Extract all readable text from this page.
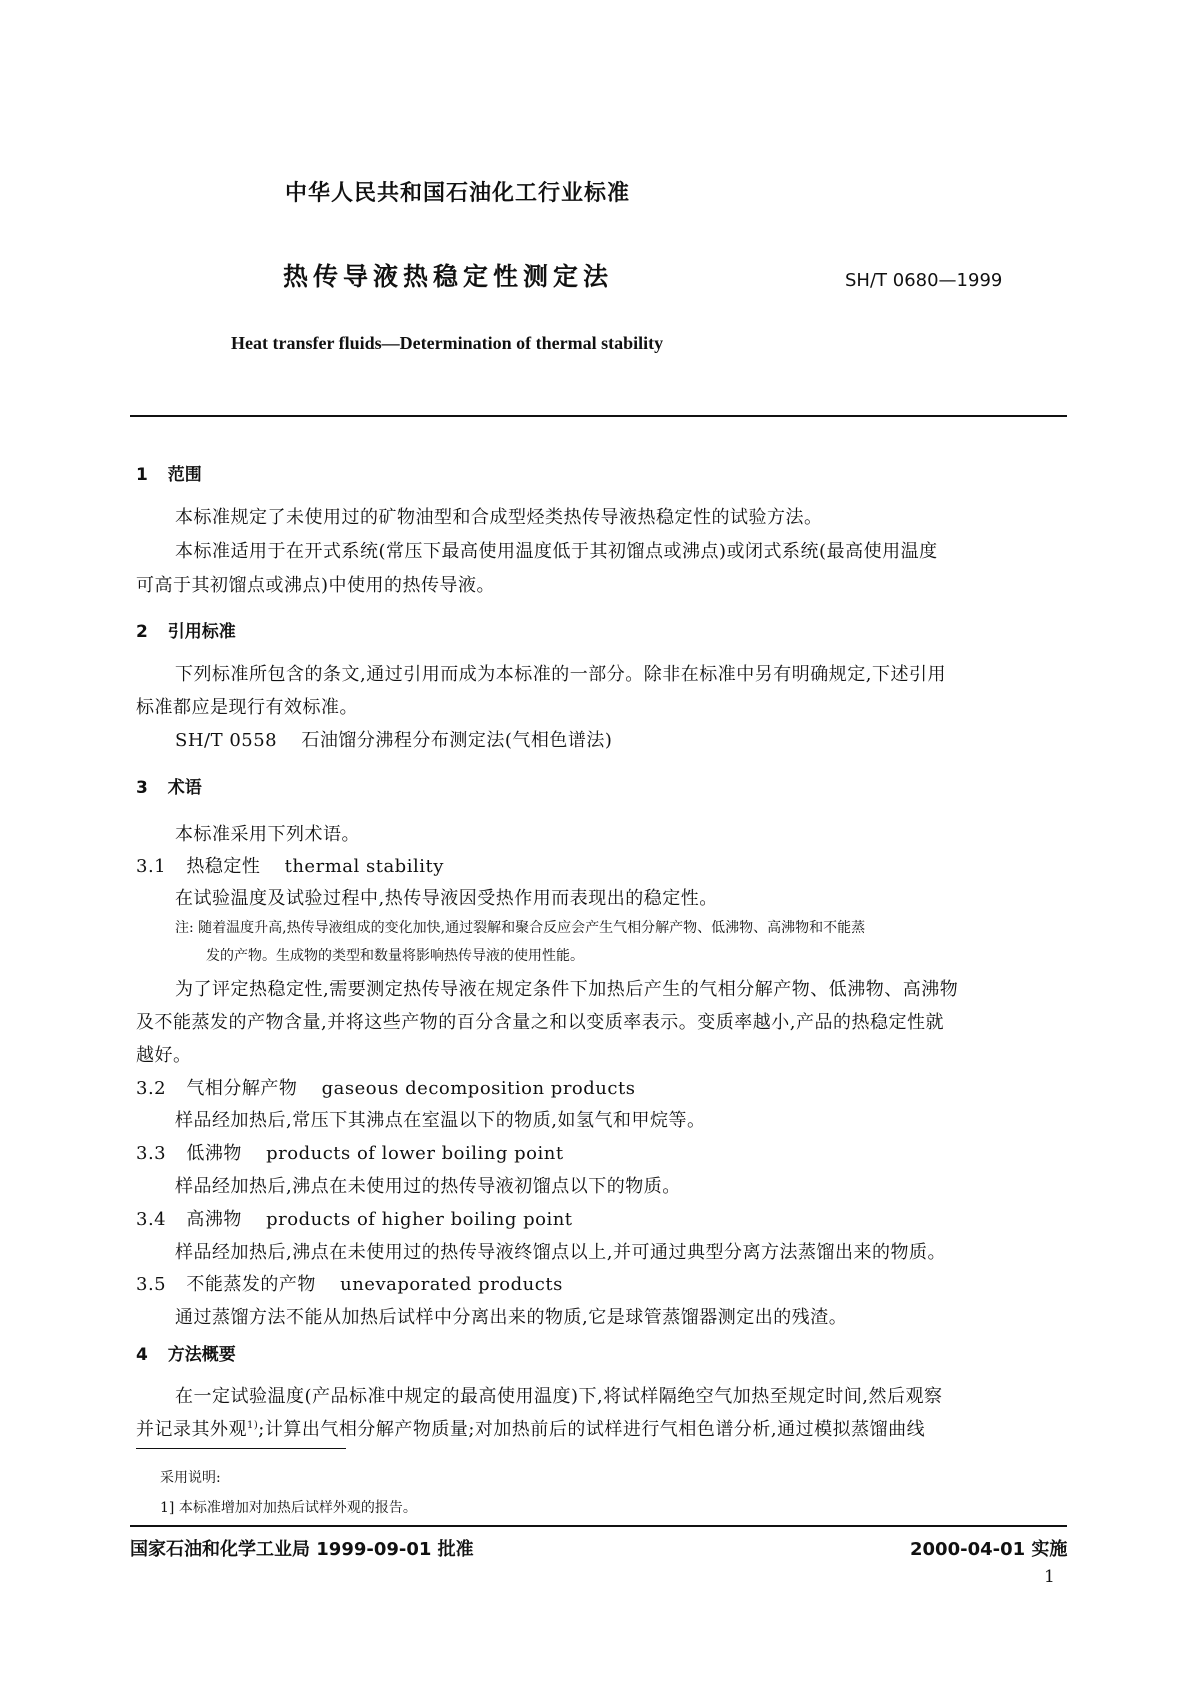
中华人民共和国石油化工行业标准
热传导液热稳定性测定法	SH/T 0680—1999
Heat transfer fluids—Determination of thermal stability
1 范围
本标准规定了未使用过的矿物油型和合成型烃类热传导液热稳定性的试验方法。
本标准适用于在开式系统(常压下最高使用温度低于其初馏点或沸点)或闭式系统(最高使用温度
可高于其初馏点或沸点)中使用的热传导液。
2 引用标准
下列标准所包含的条文,通过引用而成为本标准的一部分。除非在标准中另有明确规定,下述引用
标准都应是现行有效标准。
SH/T 0558 石油馏分沸程分布测定法(气相色谱法)
3 术语
本标准采用下列术语。
3.1 热稳定性 thermal stability
在试验温度及试验过程中,热传导液因受热作用而表现出的稳定性。
注: 随着温度升高,热传导液组成的变化加快,通过裂解和聚合反应会产生气相分解产物、低沸物、高沸物和不能蒸
发的产物。生成物的类型和数量将影响热传导液的使用性能。
为了评定热稳定性,需要测定热传导液在规定条件下加热后产生的气相分解产物、低沸物、高沸物
及不能蒸发的产物含量,并将这些产物的百分含量之和以变质率表示。变质率越小,产品的热稳定性就
越好。
3.2 气相分解产物 gaseous decomposition products
样品经加热后,常压下其沸点在室温以下的物质,如氢气和甲烷等。
3.3 低沸物 products of lower boiling point
样品经加热后,沸点在未使用过的热传导液初馏点以下的物质。
3.4 高沸物 products of higher boiling point
样品经加热后,沸点在未使用过的热传导液终馏点以上,并可通过典型分离方法蒸馏出来的物质。
3.5 不能蒸发的产物 unevaporated products
通过蒸馏方法不能从加热后试样中分离出来的物质,它是球管蒸馏器测定出的残渣。
4 方法概要
在一定试验温度(产品标准中规定的最高使用温度)下,将试样隔绝空气加热至规定时间,然后观察
并记录其外观$^{1)}$;计算出气相分解产物质量;对加热前后的试样进行气相色谱分析,通过模拟蒸馏曲线
采用说明:
1] 本标准增加对加热后试样外观的报告。
国家石油和化学工业局 1999-09-01 批准	2000-04-01 实施
1
